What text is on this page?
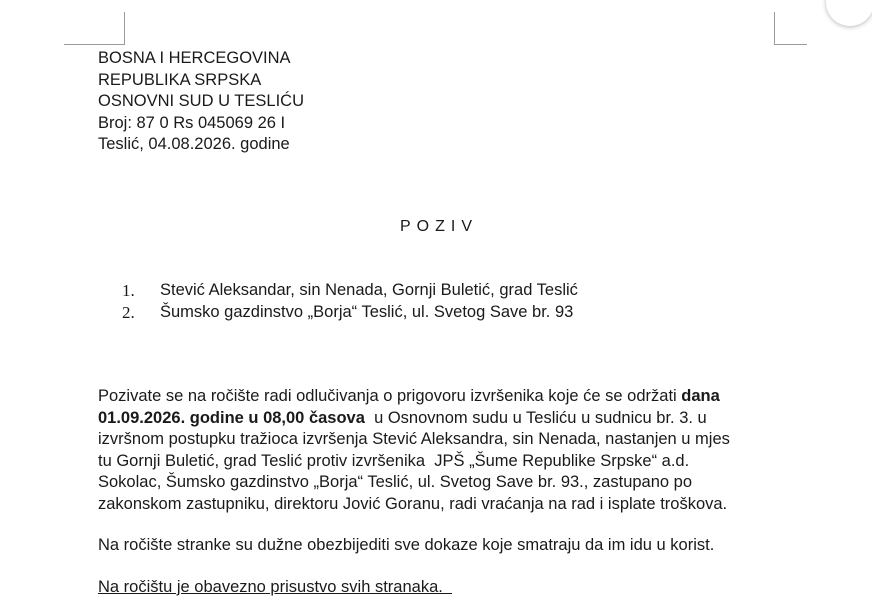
BOSNA I HERCEGOVINA
REPUBLIKA SRPSKA
OSNOVNI SUD U TESLIĆU
Broj: 87 0 Rs 045069 26 I
Teslić, 04.08.2026. godine
POZIV
1.	Stević Aleksandar, sin Nenada, Gornji Buletić, grad Teslić
2.	Šumsko gazdinstvo „Borja“ Teslić, ul. Svetog Save br. 93
Pozivate se na ročište radi odlučivanja o prigovoru izvršenika koje će se održati dana
01.09.2026. godine u 08,00 časova  u Osnovnom sudu u Tesliću u sudnicu br. 3. u
izvršnom postupku tražioca izvršenja Stević Aleksandra, sin Nenada, nastanjen u mjes
tu Gornji Buletić, grad Teslić protiv izvršenika  JPŠ „Šume Republike Srpske“ a.d.
Sokolac, Šumsko gazdinstvo „Borja“ Teslić, ul. Svetog Save br. 93., zastupano po
zakonskom zastupniku, direktoru Jović Goranu, radi vraćanja na rad i isplate troškova.
Na ročište stranke su dužne obezbijediti sve dokaze koje smatraju da im idu u korist.
Na ročištu je obavezno prisustvo svih stranaka.
